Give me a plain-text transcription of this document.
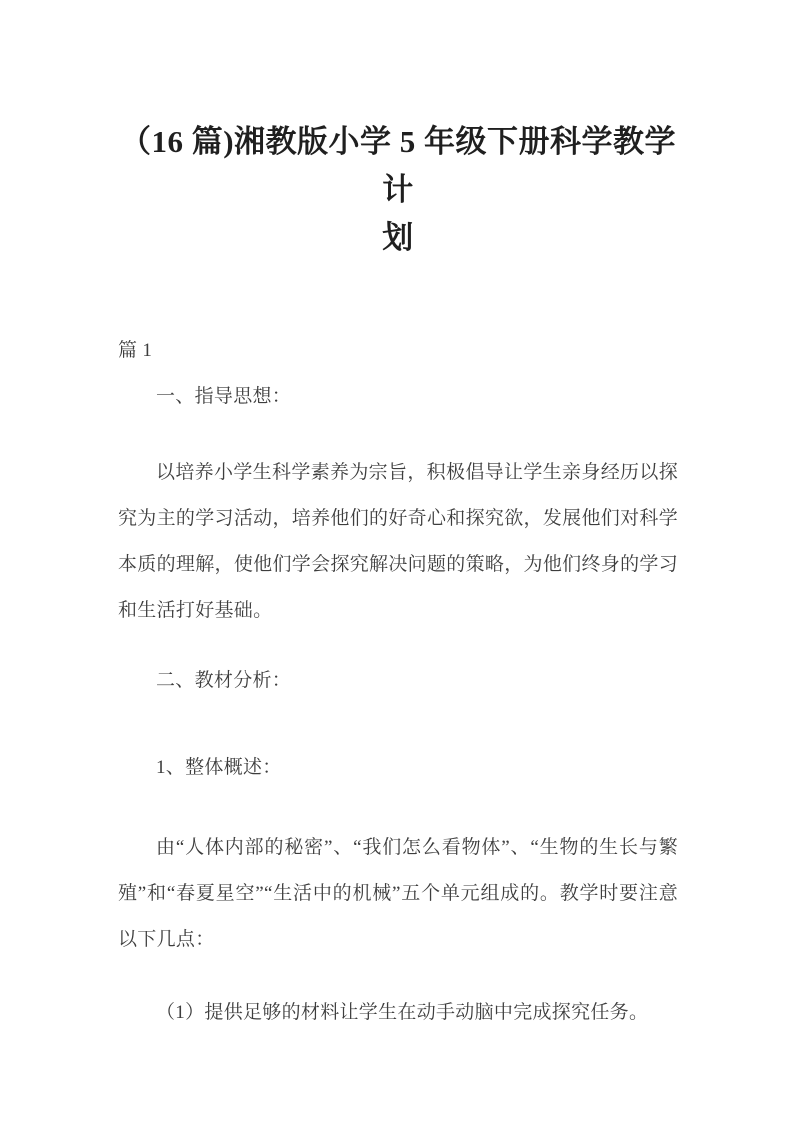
（16 篇)湘教版小学 5 年级下册科学教学计
划
篇 1
一、指导思想：
以培养小学生科学素养为宗旨，积极倡导让学生亲身经历以探究为主的学习活动，培养他们的好奇心和探究欲，发展他们对科学本质的理解，使他们学会探究解决问题的策略，为他们终身的学习和生活打好基础。
二、教材分析：
1、整体概述：
由“人体内部的秘密”、“我们怎么看物体”、“生物的生长与繁殖”和“春夏星空”“生活中的机械”五个单元组成的。教学时要注意以下几点：
（1）提供足够的材料让学生在动手动脑中完成探究任务。
